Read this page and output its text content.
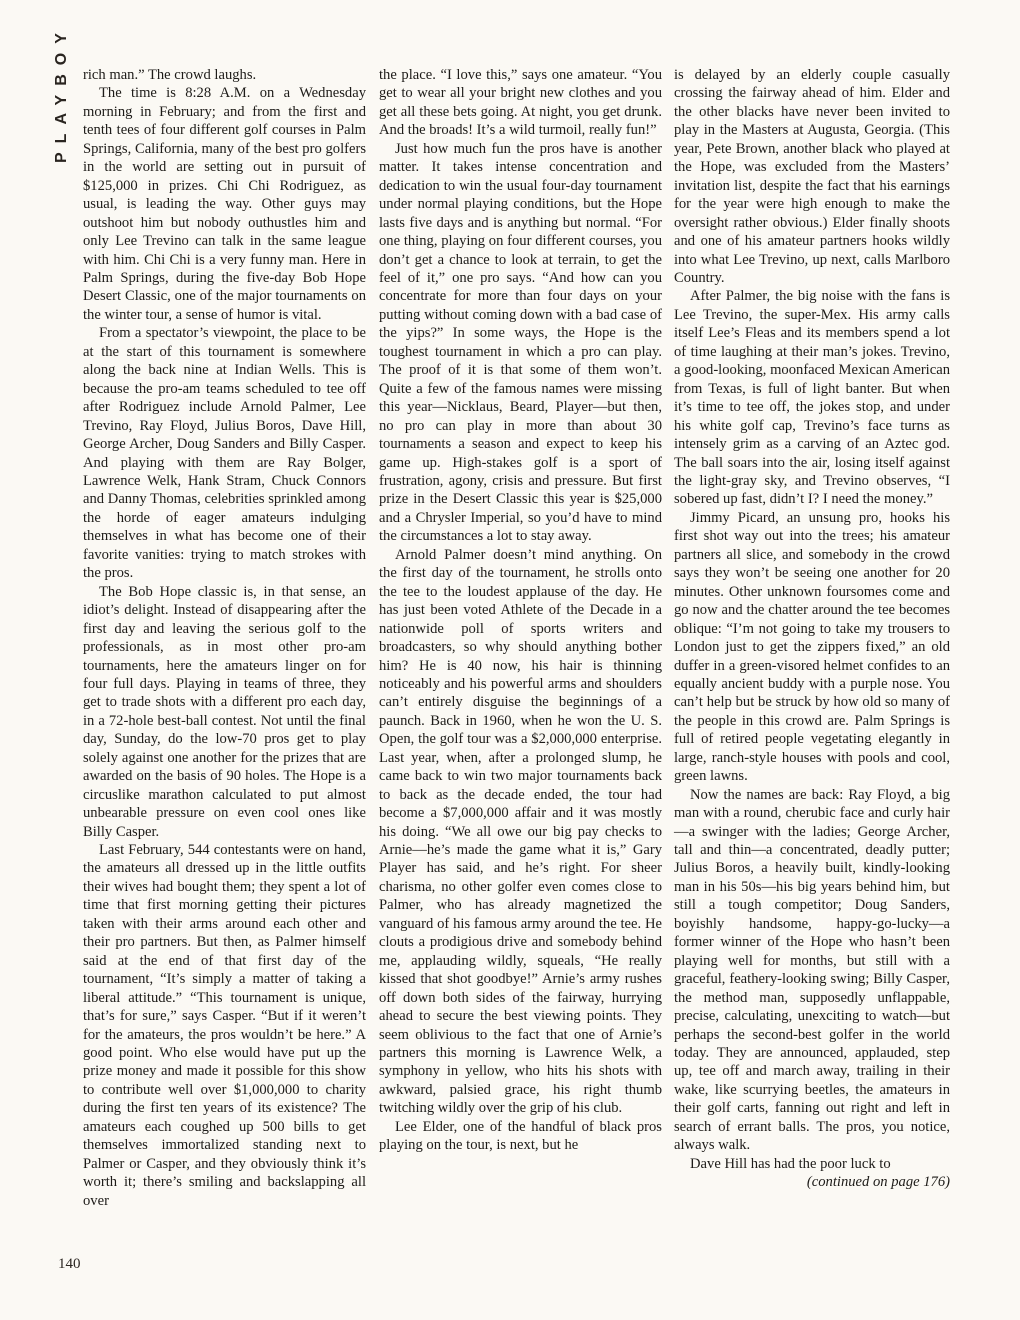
PLAYBOY rich man.” The crowd laughs.

The time is 8:28 A.M. on a Wednesday morning in February; and from the first and tenth tees of four different golf courses in Palm Springs, California, many of the best pro golfers in the world are setting out in pursuit of $125,000 in prizes. Chi Chi Rodriguez, as usual, is leading the way. Other guys may outshoot him but nobody outhustles him and only Lee Trevino can talk in the same league with him. Chi Chi is a very funny man. Here in Palm Springs, during the five-day Bob Hope Desert Classic, one of the major tournaments on the winter tour, a sense of humor is vital.

From a spectator’s viewpoint, the place to be at the start of this tournament is somewhere along the back nine at Indian Wells. This is because the pro-am teams scheduled to tee off after Rodriguez include Arnold Palmer, Lee Trevino, Ray Floyd, Julius Boros, Dave Hill, George Archer, Doug Sanders and Billy Casper. And playing with them are Ray Bolger, Lawrence Welk, Hank Stram, Chuck Connors and Danny Thomas, celebrities sprinkled among the horde of eager amateurs indulging themselves in what has become one of their favorite vanities: trying to match strokes with the pros.

The Bob Hope classic is, in that sense, an idiot’s delight. Instead of disappearing after the first day and leaving the serious golf to the professionals, as in most other pro-am tournaments, here the amateurs linger on for four full days. Playing in teams of three, they get to trade shots with a different pro each day, in a 72-hole best-ball contest. Not until the final day, Sunday, do the low-70 pros get to play solely against one another for the prizes that are awarded on the basis of 90 holes. The Hope is a circuslike marathon calculated to put almost unbearable pressure on even cool ones like Billy Casper.

Last February, 544 contestants were on hand, the amateurs all dressed up in the little outfits their wives had bought them; they spent a lot of time that first morning getting their pictures taken with their arms around each other and their pro partners. But then, as Palmer himself said at the end of that first day of the tournament, “It’s simply a matter of taking a liberal attitude.” “This tournament is unique, that’s for sure,” says Casper. “But if it weren’t for the amateurs, the pros wouldn’t be here.” A good point. Who else would have put up the prize money and made it possible for this show to contribute well over $1,000,000 to charity during the first ten years of its existence? The amateurs each coughed up 500 bills to get themselves immortalized standing next to Palmer or Casper, and they obviously think it’s worth it; there’s smiling and backslapping all over

the place. “I love this,” says one amateur. “You get to wear all your bright new clothes and you get all these bets going. At night, you get drunk. And the broads! It’s a wild turmoil, really fun!”

Just how much fun the pros have is another matter. It takes intense concentration and dedication to win the usual four-day tournament under normal playing conditions, but the Hope lasts five days and is anything but normal. “For one thing, playing on four different courses, you don’t get a chance to look at terrain, to get the feel of it,” one pro says. “And how can you concentrate for more than four days on your putting without coming down with a bad case of the yips?” In some ways, the Hope is the toughest tournament in which a pro can play. The proof of it is that some of them won’t. Quite a few of the famous names were missing this year—Nicklaus, Beard, Player—but then, no pro can play in more than about 30 tournaments a season and expect to keep his game up. High-stakes golf is a sport of frustration, agony, crisis and pressure. But first prize in the Desert Classic this year is $25,000 and a Chrysler Imperial, so you’d have to mind the circumstances a lot to stay away.

Arnold Palmer doesn’t mind anything. On the first day of the tournament, he strolls onto the tee to the loudest applause of the day. He has just been voted Athlete of the Decade in a nationwide poll of sports writers and broadcasters, so why should anything bother him? He is 40 now, his hair is thinning noticeably and his powerful arms and shoulders can’t entirely disguise the beginnings of a paunch. Back in 1960, when he won the U. S. Open, the golf tour was a $2,000,000 enterprise. Last year, when, after a prolonged slump, he came back to win two major tournaments back to back as the decade ended, the tour had become a $7,000,000 affair and it was mostly his doing. “We all owe our big pay checks to Arnie—he’s made the game what it is,” Gary Player has said, and he’s right. For sheer charisma, no other golfer even comes close to Palmer, who has already magnetized the vanguard of his famous army around the tee. He clouts a prodigious drive and somebody behind me, applauding wildly, squeals, “He really kissed that shot goodbye!” Arnie’s army rushes off down both sides of the fairway, hurrying ahead to secure the best viewing points. They seem oblivious to the fact that one of Arnie’s partners this morning is Lawrence Welk, a symphony in yellow, who hits his shots with awkward, palsied grace, his right thumb twitching wildly over the grip of his club.

Lee Elder, one of the handful of black pros playing on the tour, is next, but he

is delayed by an elderly couple casually crossing the fairway ahead of him. Elder and the other blacks have never been invited to play in the Masters at Augusta, Georgia. (This year, Pete Brown, another black who played at the Hope, was excluded from the Masters’ invitation list, despite the fact that his earnings for the year were high enough to make the oversight rather obvious.) Elder finally shoots and one of his amateur partners hooks wildly into what Lee Trevino, up next, calls Marlboro Country.

After Palmer, the big noise with the fans is Lee Trevino, the super-Mex. His army calls itself Lee’s Fleas and its members spend a lot of time laughing at their man’s jokes. Trevino, a good-looking, moonfaced Mexican American from Texas, is full of light banter. But when it’s time to tee off, the jokes stop, and under his white golf cap, Trevino’s face turns as intensely grim as a carving of an Aztec god. The ball soars into the air, losing itself against the light-gray sky, and Trevino observes, “I sobered up fast, didn’t I? I need the money.”

Jimmy Picard, an unsung pro, hooks his first shot way out into the trees; his amateur partners all slice, and somebody in the crowd says they won’t be seeing one another for 20 minutes. Other unknown foursomes come and go now and the chatter around the tee becomes oblique: “I’m not going to take my trousers to London just to get the zippers fixed,” an old duffer in a green-visored helmet confides to an equally ancient buddy with a purple nose. You can’t help but be struck by how old so many of the people in this crowd are. Palm Springs is full of retired people vegetating elegantly in large, ranch-style houses with pools and cool, green lawns.

Now the names are back: Ray Floyd, a big man with a round, cherubic face and curly hair—a swinger with the ladies; George Archer, tall and thin—a concentrated, deadly putter; Julius Boros, a heavily built, kindly-looking man in his 50s—his big years behind him, but still a tough competitor; Doug Sanders, boyishly handsome, happy-go-lucky—a former winner of the Hope who hasn’t been playing well for months, but still with a graceful, feathery-looking swing; Billy Casper, the method man, supposedly unflappable, precise, calculating, unexciting to watch—but perhaps the second-best golfer in the world today. They are announced, applauded, step up, tee off and march away, trailing in their wake, like scurrying beetles, the amateurs in their golf carts, fanning out right and left in search of errant balls. The pros, you notice, always walk.

Dave Hill has had the poor luck to

(continued on page 176)

140
